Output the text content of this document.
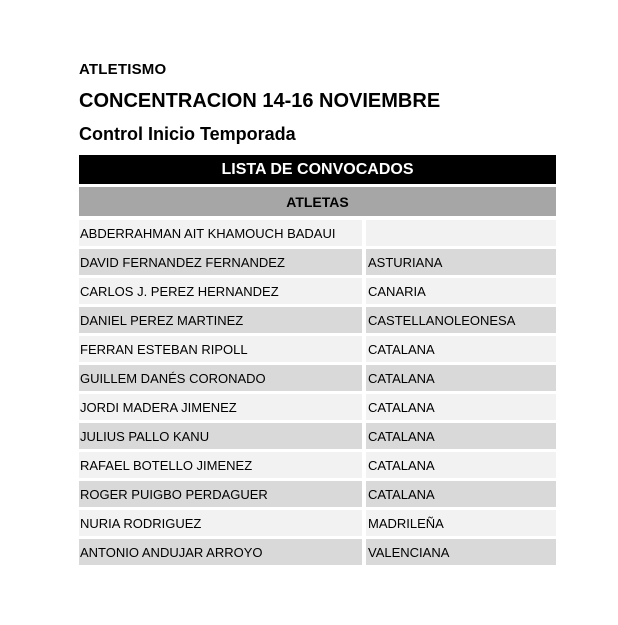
ATLETISMO
CONCENTRACION 14-16 NOVIEMBRE
Control Inicio Temporada
LISTA DE CONVOCADOS
ATLETAS
ABDERRAHMAN AIT KHAMOUCH BADAUI
DAVID FERNANDEZ FERNANDEZ	ASTURIANA
CARLOS J. PEREZ HERNANDEZ	CANARIA
DANIEL PEREZ MARTINEZ	CASTELLANOLEONESA
FERRAN ESTEBAN RIPOLL	CATALANA
GUILLEM DANÉS CORONADO	CATALANA
JORDI MADERA JIMENEZ	CATALANA
JULIUS PALLO KANU	CATALANA
RAFAEL BOTELLO JIMENEZ	CATALANA
ROGER PUIGBO PERDAGUER	CATALANA
NURIA RODRIGUEZ	MADRILEÑA
ANTONIO ANDUJAR ARROYO	VALENCIANA
